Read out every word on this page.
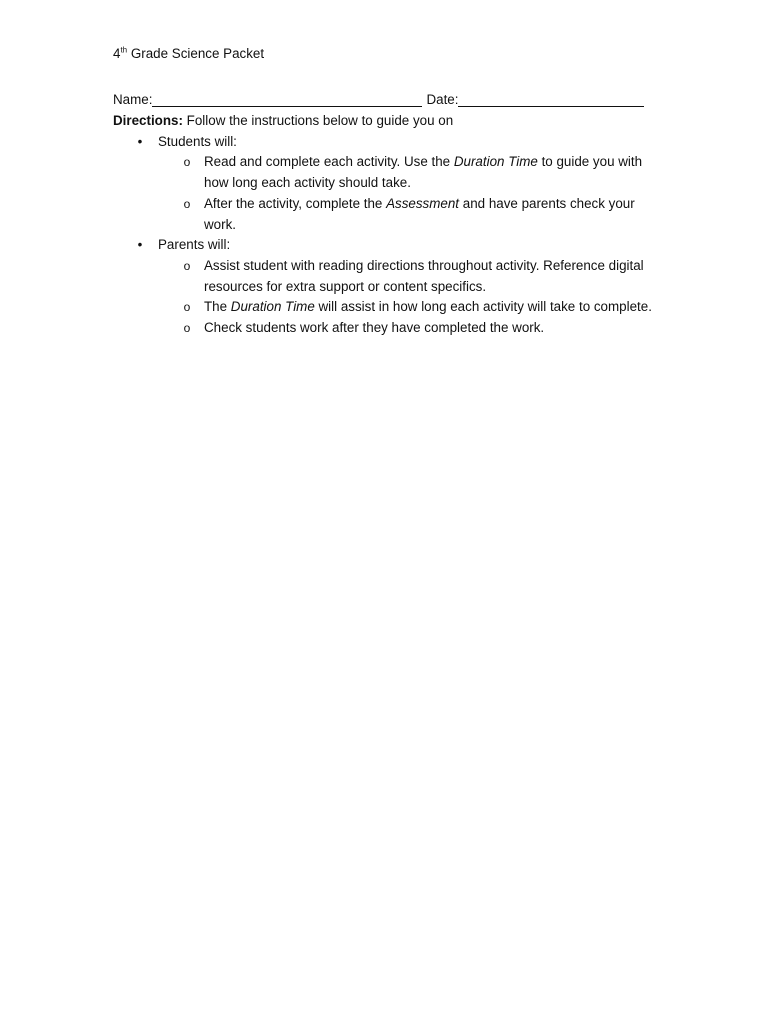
4th Grade Science Packet

Name:	Date:

Directions: Follow the instructions below to guide you on

• Students will:
o Read and complete each activity. Use the Duration Time to guide you with how long each activity should take.
o After the activity, complete the Assessment and have parents check your work.
• Parents will:
o Assist student with reading directions throughout activity. Reference digital resources for extra support or content specifics.
o The Duration Time will assist in how long each activity will take to complete.
o Check students work after they have completed the work.
